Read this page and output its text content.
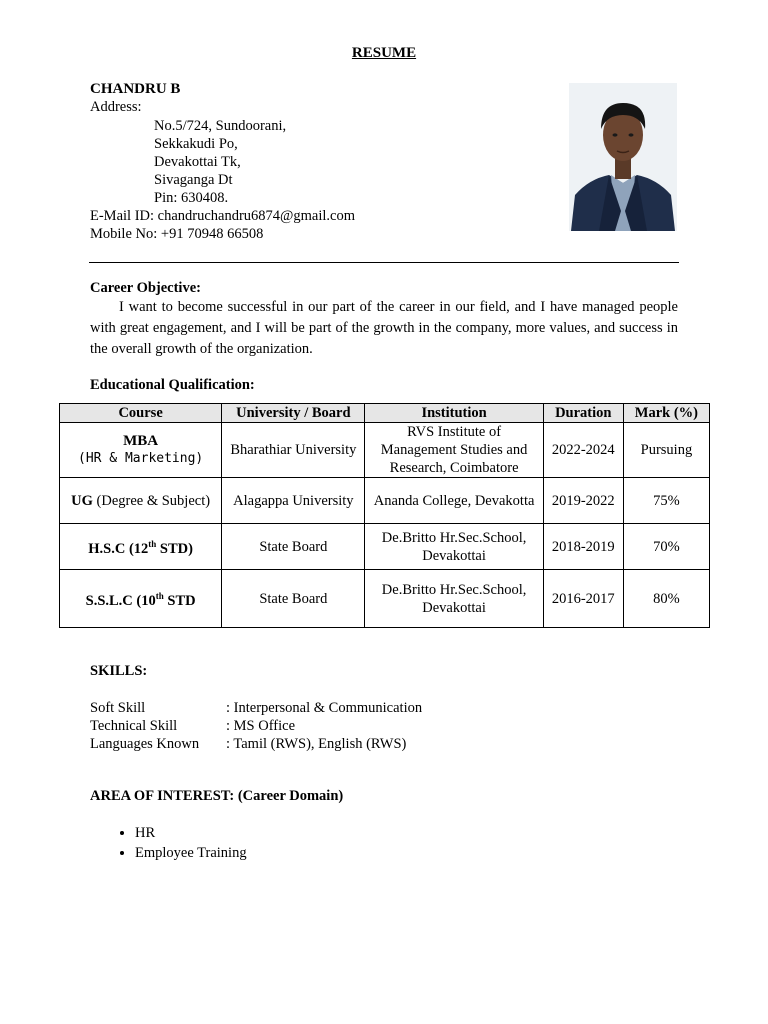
RESUME
CHANDRU B
Address:
No.5/724, Sundoorani,
Sekkakudi Po,
Devakottai Tk,
Sivaganga Dt
Pin: 630408.
E-Mail ID: chandruchandru6874@gmail.com
Mobile No: +91 70948 66508
Career Objective:
I want to become successful in our part of the career in our field, and I have managed people with great engagement, and I will be part of the growth in the company, more values, and success in the overall growth of the organization.
Educational Qualification:
Course	University / Board	Institution	Duration	Mark (%)

MBA
(HR & Marketing)	Bharathiar University	RVS Institute of Management Studies and Research, Coimbatore	2022-2024	Pursuing
UG (Degree & Subject)	Alagappa University	Ananda College, Devakotta	2019-2022	75%
H.S.C (12th STD)	State Board	De.Britto Hr.Sec.School, Devakottai	2018-2019	70%
S.S.L.C (10th STD	State Board	De.Britto Hr.Sec.School, Devakottai	2016-2017	80%
SKILLS:
Soft Skill	: Interpersonal & Communication
Technical Skill	: MS Office
Languages Known	: Tamil (RWS), English (RWS)
AREA OF INTEREST: (Career Domain)
• HR
• Employee Training
